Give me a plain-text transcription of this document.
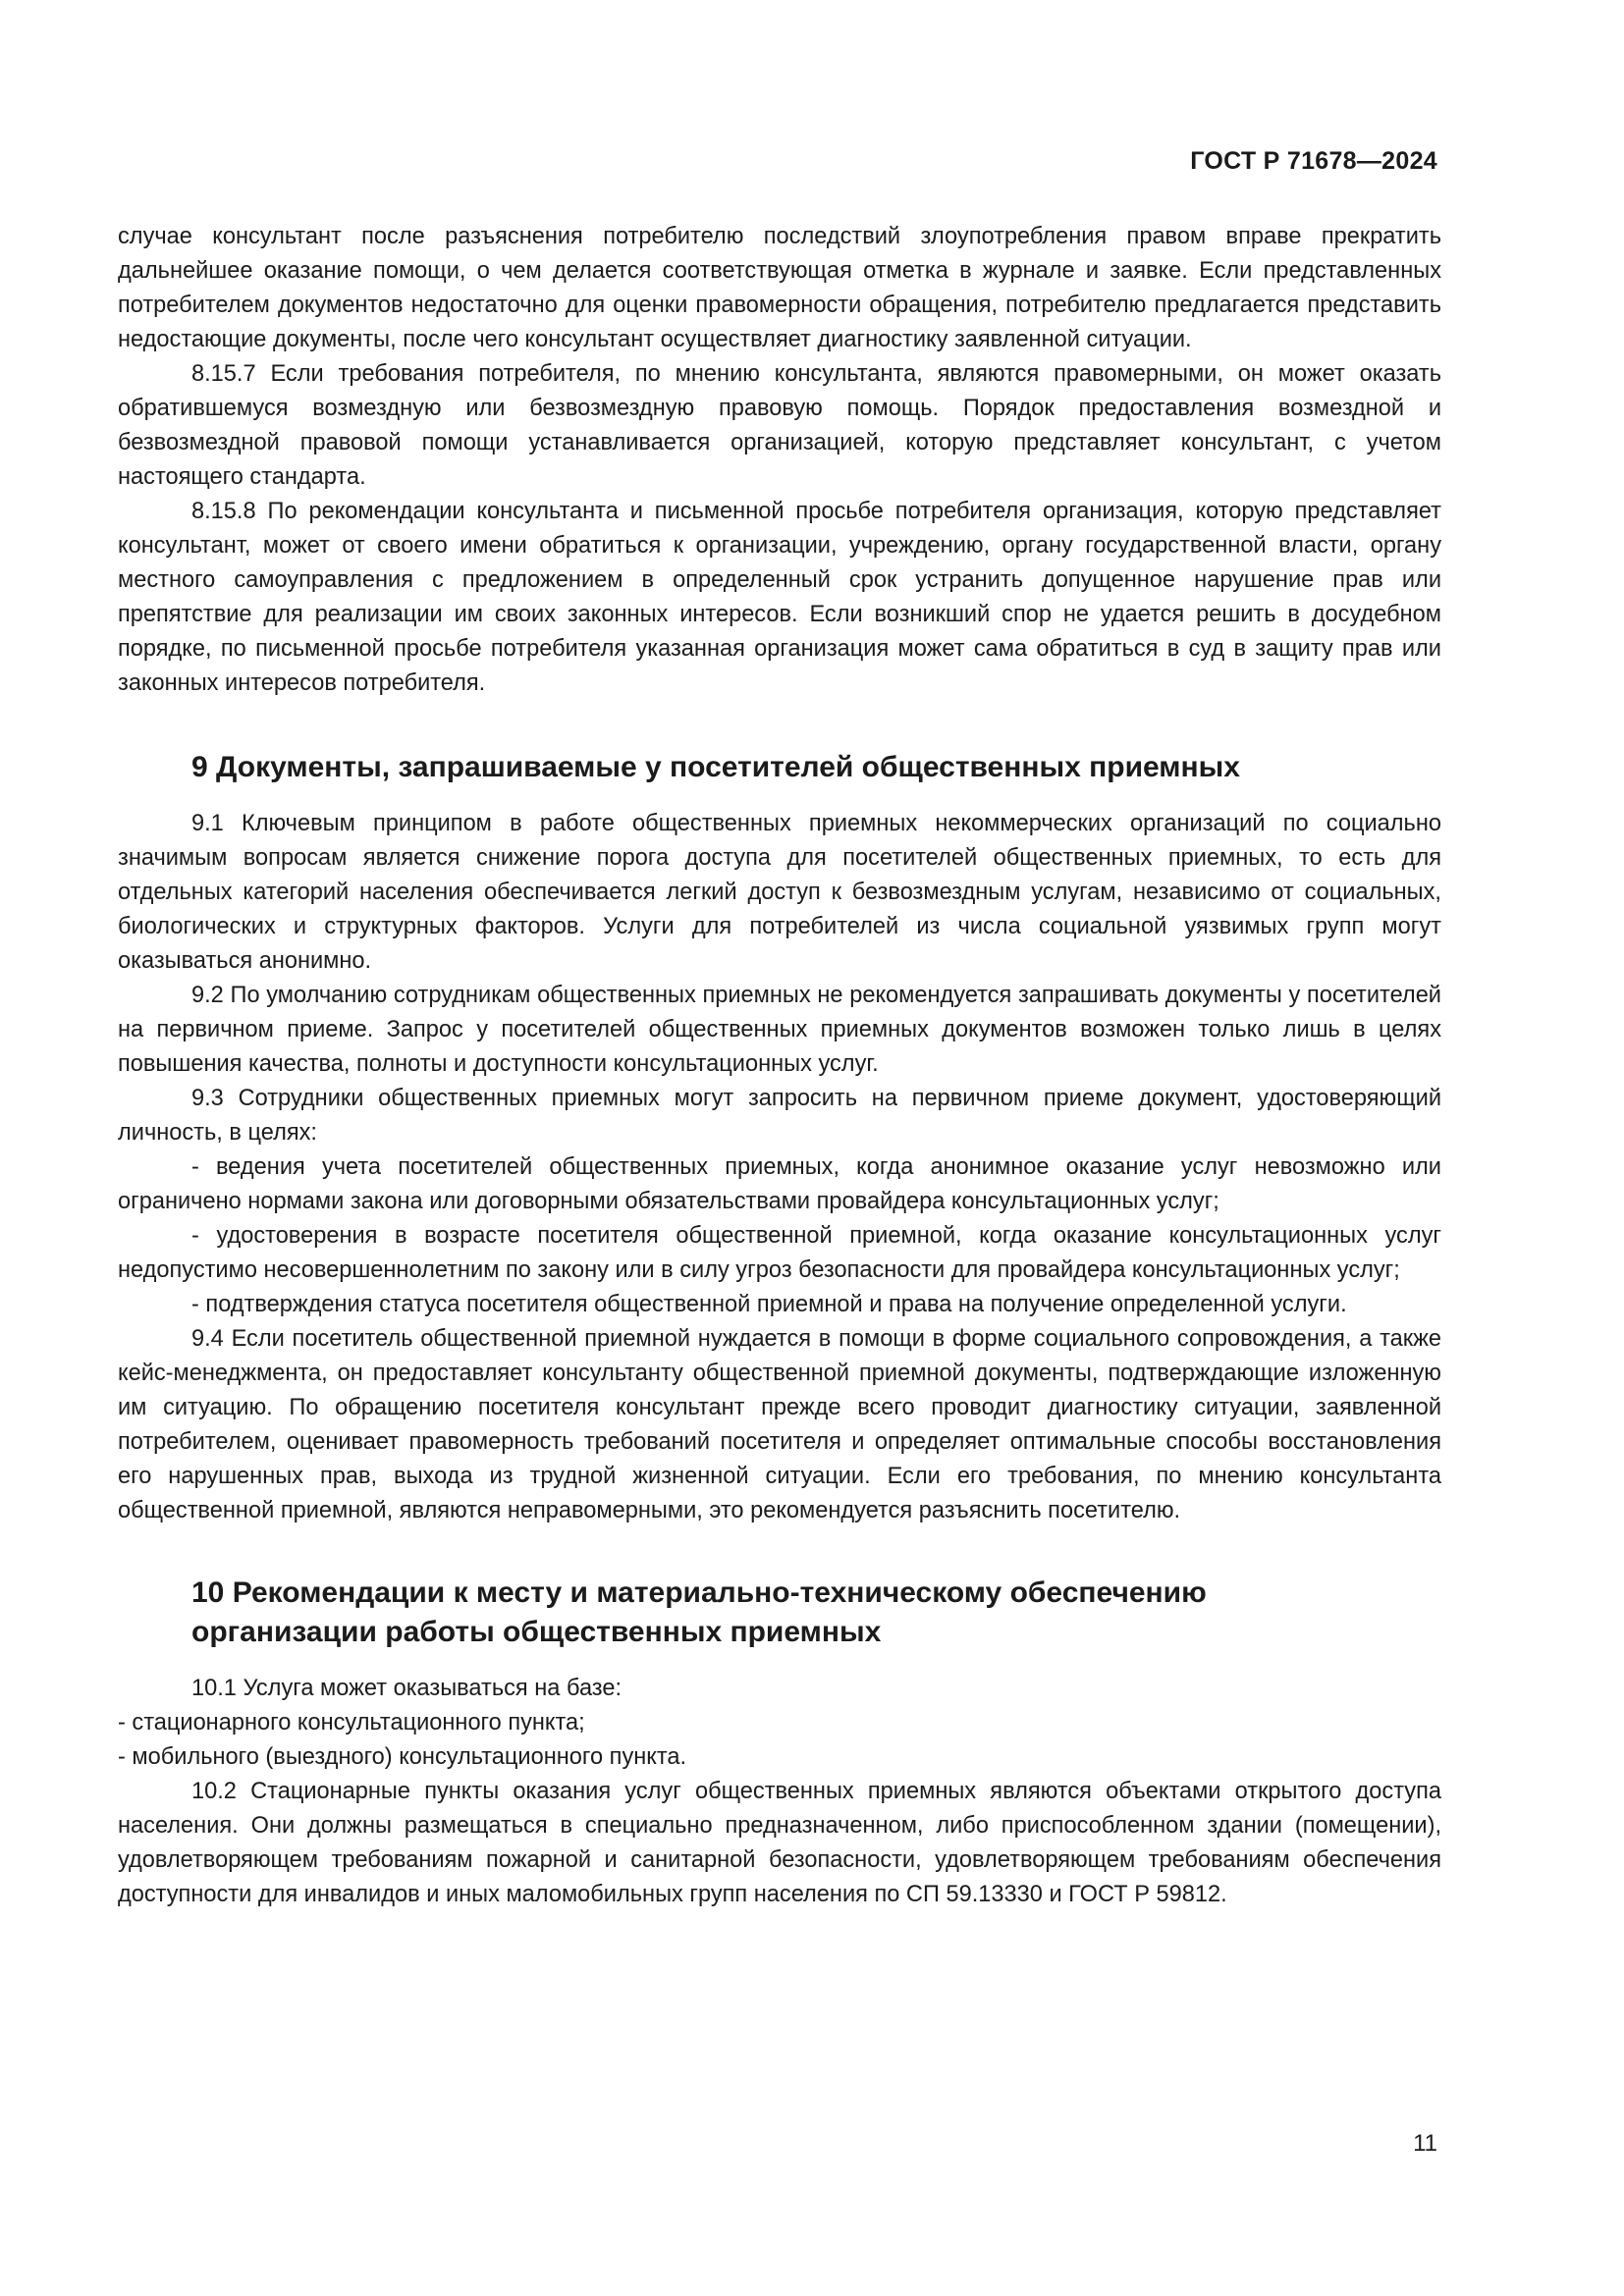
ГОСТ Р 71678—2024

случае консультант после разъяснения потребителю последствий злоупотребления правом вправе прекратить дальнейшее оказание помощи, о чем делается соответствующая отметка в журнале и заявке. Если представленных потребителем документов недостаточно для оценки правомерности обращения, потребителю предлагается представить недостающие документы, после чего консультант осуществляет диагностику заявленной ситуации.

8.15.7 Если требования потребителя, по мнению консультанта, являются правомерными, он может оказать обратившемуся возмездную или безвозмездную правовую помощь. Порядок предоставления возмездной и безвозмездной правовой помощи устанавливается организацией, которую представляет консультант, с учетом настоящего стандарта.

8.15.8 По рекомендации консультанта и письменной просьбе потребителя организация, которую представляет консультант, может от своего имени обратиться к организации, учреждению, органу государственной власти, органу местного самоуправления с предложением в определенный срок устранить допущенное нарушение прав или препятствие для реализации им своих законных интересов. Если возникший спор не удается решить в досудебном порядке, по письменной просьбе потребителя указанная организация может сама обратиться в суд в защиту прав или законных интересов потребителя.

9 Документы, запрашиваемые у посетителей общественных приемных

9.1 Ключевым принципом в работе общественных приемных некоммерческих организаций по социально значимым вопросам является снижение порога доступа для посетителей общественных приемных, то есть для отдельных категорий населения обеспечивается легкий доступ к безвозмездным услугам, независимо от социальных, биологических и структурных факторов. Услуги для потребителей из числа социальной уязвимых групп могут оказываться анонимно.

9.2 По умолчанию сотрудникам общественных приемных не рекомендуется запрашивать документы у посетителей на первичном приеме. Запрос у посетителей общественных приемных документов возможен только лишь в целях повышения качества, полноты и доступности консультационных услуг.

9.3 Сотрудники общественных приемных могут запросить на первичном приеме документ, удостоверяющий личность, в целях:

- ведения учета посетителей общественных приемных, когда анонимное оказание услуг невозможно или ограничено нормами закона или договорными обязательствами провайдера консультационных услуг;

- удостоверения в возрасте посетителя общественной приемной, когда оказание консультационных услуг недопустимо несовершеннолетним по закону или в силу угроз безопасности для провайдера консультационных услуг;

- подтверждения статуса посетителя общественной приемной и права на получение определенной услуги.

9.4 Если посетитель общественной приемной нуждается в помощи в форме социального сопровождения, а также кейс-менеджмента, он предоставляет консультанту общественной приемной документы, подтверждающие изложенную им ситуацию. По обращению посетителя консультант прежде всего проводит диагностику ситуации, заявленной потребителем, оценивает правомерность требований посетителя и определяет оптимальные способы восстановления его нарушенных прав, выхода из трудной жизненной ситуации. Если его требования, по мнению консультанта общественной приемной, являются неправомерными, это рекомендуется разъяснить посетителю.

10 Рекомендации к месту и материально-техническому обеспечению
организации работы общественных приемных

10.1 Услуга может оказываться на базе:

- стационарного консультационного пункта;

- мобильного (выездного) консультационного пункта.

10.2 Стационарные пункты оказания услуг общественных приемных являются объектами открытого доступа населения. Они должны размещаться в специально предназначенном, либо приспособленном здании (помещении), удовлетворяющем требованиям пожарной и санитарной безопасности, удовлетворяющем требованиям обеспечения доступности для инвалидов и иных маломобильных групп населения по СП 59.13330 и ГОСТ Р 59812.

11
